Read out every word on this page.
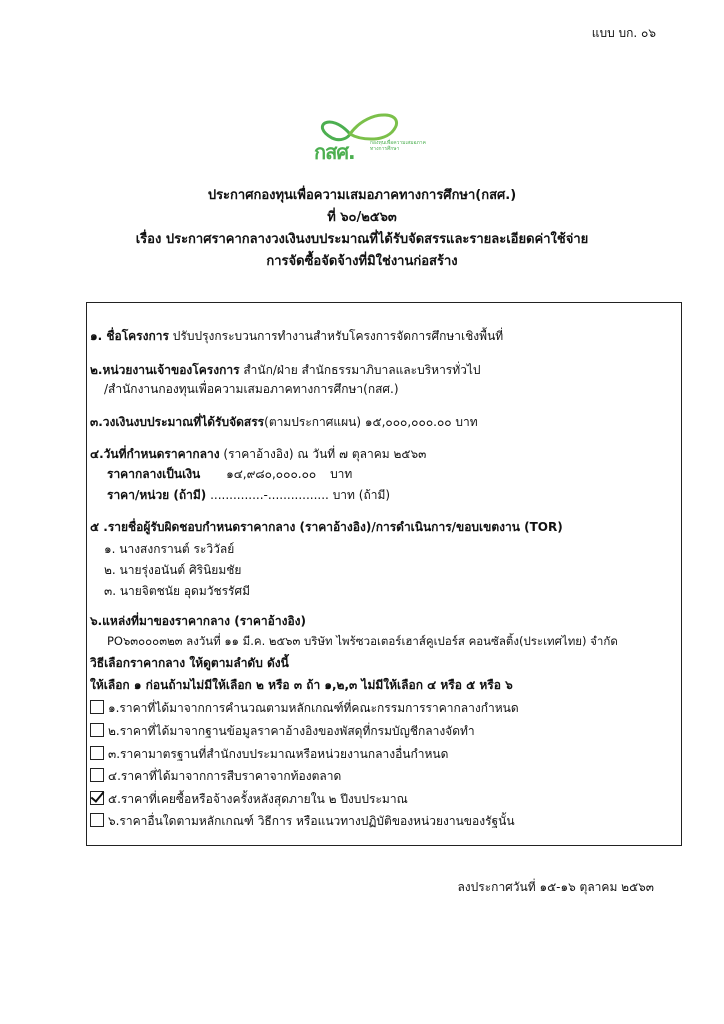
แบบ บก. ๐๖
กสศ.	กองทุนเพื่อความเสมอภาคทางการศึกษา
ประกาศกองทุนเพื่อความเสมอภาคทางการศึกษา(กสศ.)
ที่ ๖๐/๒๕๖๓
เรื่อง ประกาศราคากลางวงเงินงบประมาณที่ได้รับจัดสรรและรายละเอียดค่าใช้จ่าย
การจัดซื้อจัดจ้างที่มิใช่งานก่อสร้าง
๑. ชื่อโครงการ ปรับปรุงกระบวนการทำงานสำหรับโครงการจัดการศึกษาเชิงพื้นที่
๒.หน่วยงานเจ้าของโครงการ สำนัก/ฝ่าย สำนักธรรมาภิบาลและบริหารทั่วไป
/สำนักงานกองทุนเพื่อความเสมอภาคทางการศึกษา(กสศ.)
๓.วงเงินงบประมาณที่ได้รับจัดสรร(ตามประกาศแผน) ๑๕,๐๐๐,๐๐๐.๐๐ บาท
๔.วันที่กำหนดราคากลาง (ราคาอ้างอิง) ณ วันที่ ๗ ตุลาคม ๒๕๖๓
ราคากลางเป็นเงิน ๑๔,๙๘๐,๐๐๐.๐๐ บาท
ราคา/หน่วย (ถ้ามี) ..............-................ บาท (ถ้ามี)
๕ .รายชื่อผู้รับผิดชอบกำหนดราคากลาง (ราคาอ้างอิง)/การดำเนินการ/ขอบเขตงาน (TOR)
๑. นางสงกรานต์ ระวิวัลย์
๒. นายรุ่งอนันต์ ศิรินิยมชัย
๓. นายจิตชนัย อุดมวัชรรัศมี
๖.แหล่งที่มาของราคากลาง (ราคาอ้างอิง)
PO๖๓๐๐๐๓๒๓ ลงวันที่ ๑๑ มี.ค. ๒๕๖๓ บริษัท ไพร้ซวอเตอร์เฮาส์คูเปอร์ส คอนซัลติ้ง(ประเทศไทย) จำกัด
วิธีเลือกราคากลาง ให้ดูตามลำดับ ดังนี้
ให้เลือก ๑ ก่อนถ้ามไม่มีให้เลือก ๒ หรือ ๓ ถ้า ๑,๒,๓ ไม่มีให้เลือก ๔ หรือ ๕ หรือ ๖
๑.ราคาที่ได้มาจากการคำนวณตามหลักเกณฑ์ที่คณะกรรมการราคากลางกำหนด
๒.ราคาที่ได้มาจากฐานข้อมูลราคาอ้างอิงของพัสดุที่กรมบัญชีกลางจัดทำ
๓.ราคามาตรฐานที่สำนักงบประมาณหรือหน่วยงานกลางอื่นกำหนด
๔.ราคาที่ได้มาจากการสืบราคาจากท้องตลาด
๕.ราคาที่เคยซื้อหรือจ้างครั้งหลังสุดภายใน ๒ ปีงบประมาณ
๖.ราคาอื่นใดตามหลักเกณฑ์ วิธีการ หรือแนวทางปฏิบัติของหน่วยงานของรัฐนั้น
ลงประกาศวันที่ ๑๕-๑๖ ตุลาคม ๒๕๖๓
